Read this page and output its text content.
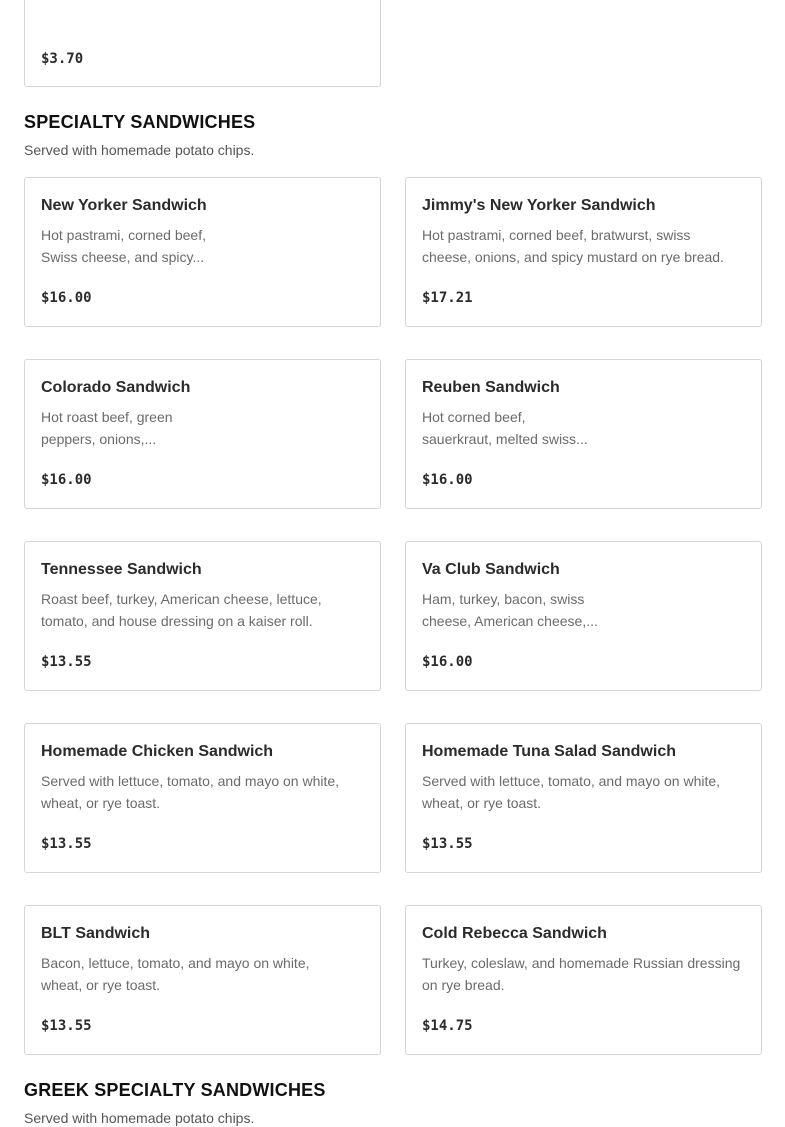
$3.70
SPECIALTY SANDWICHES
Served with homemade potato chips.
New Yorker Sandwich
Hot pastrami, corned beef,
Swiss cheese, and spicy...
$16.00
Jimmy's New Yorker Sandwich
Hot pastrami, corned beef, bratwurst, swiss
cheese, onions, and spicy mustard on rye bread.
$17.21
Colorado Sandwich
Hot roast beef, green
peppers, onions,...
$16.00
Reuben Sandwich
Hot corned beef,
sauerkraut, melted swiss...
$16.00
Tennessee Sandwich
Roast beef, turkey, American cheese, lettuce,
tomato, and house dressing on a kaiser roll.
$13.55
Va Club Sandwich
Ham, turkey, bacon, swiss
cheese, American cheese,...
$16.00
Homemade Chicken Sandwich
Served with lettuce, tomato, and mayo on white,
wheat, or rye toast.
$13.55
Homemade Tuna Salad Sandwich
Served with lettuce, tomato, and mayo on white,
wheat, or rye toast.
$13.55
BLT Sandwich
Bacon, lettuce, tomato, and mayo on white,
wheat, or rye toast.
$13.55
Cold Rebecca Sandwich
Turkey, coleslaw, and homemade Russian dressing
on rye bread.
$14.75
GREEK SPECIALTY SANDWICHES
Served with homemade potato chips.
